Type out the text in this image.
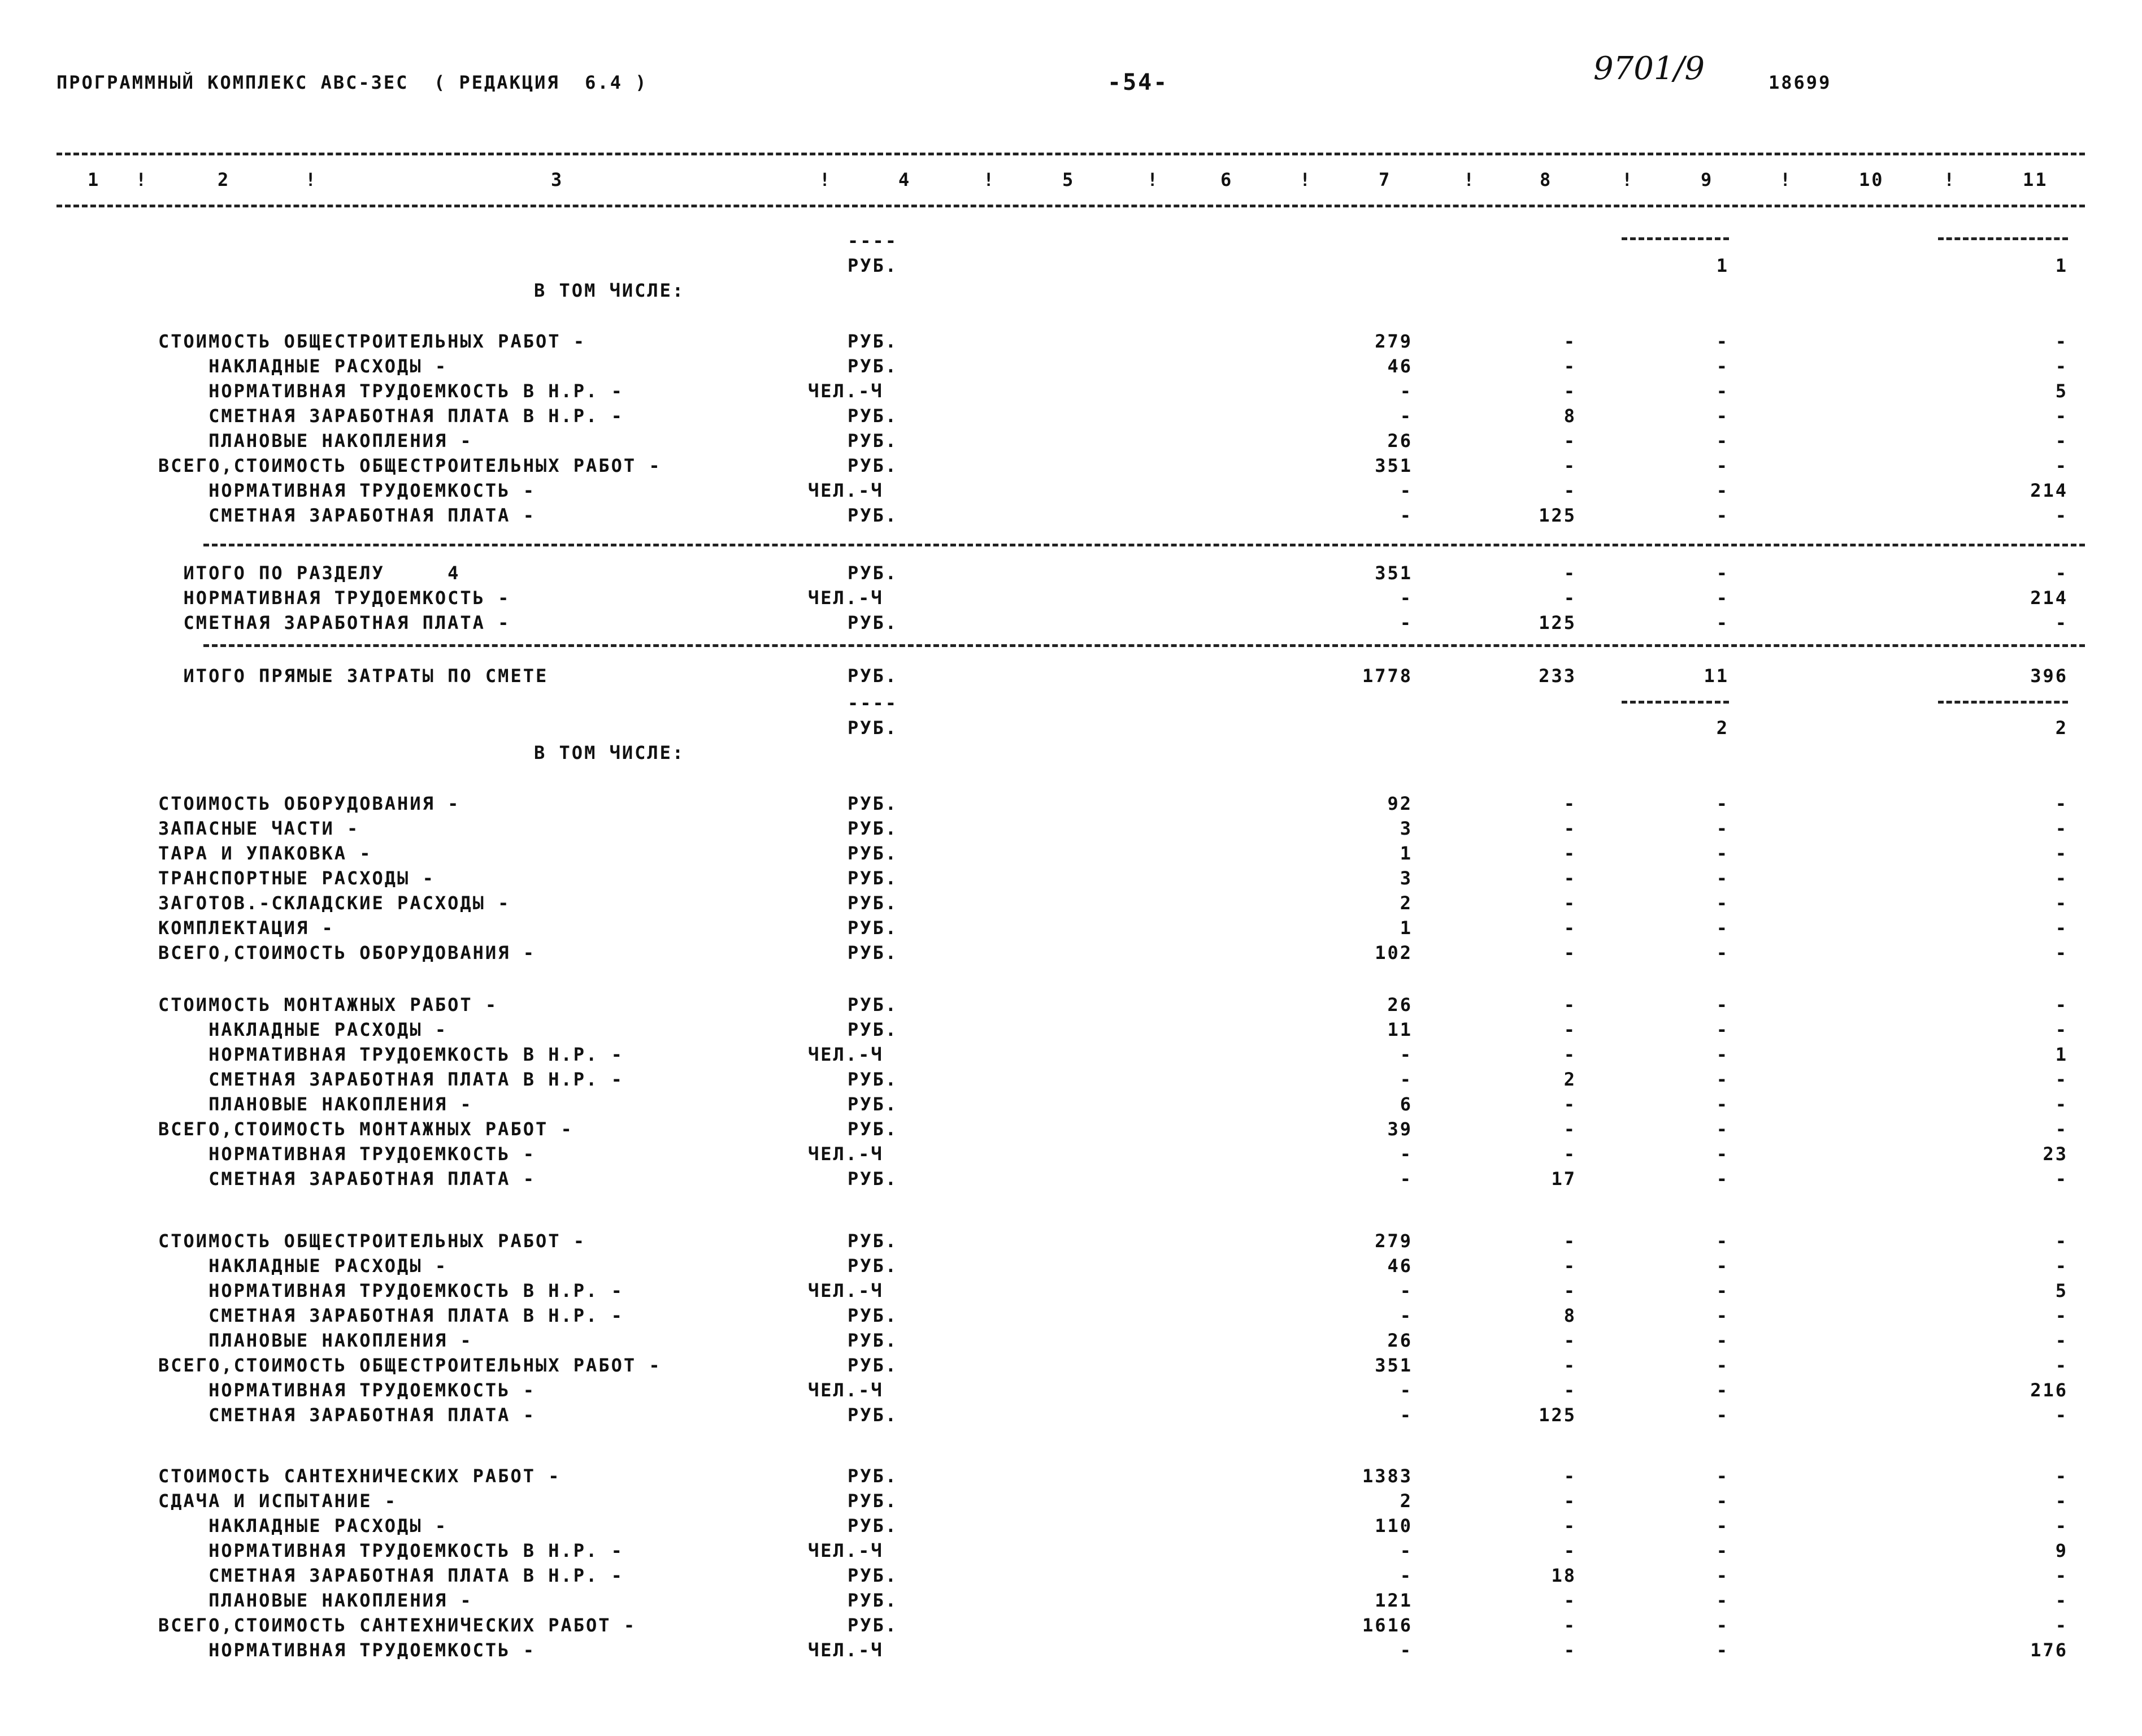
ПРОГРАММНЫЙ КОМПЛЕКС АВС-ЗЕС  ( РЕДАКЦИЯ  6.4 )	-54-	9701/9	18699
1	2	3	4	5	6	7	8	9	10	11
!	!	!	!	!	!	!	!	!	!
----
РУБ.	1	1
В ТОМ ЧИСЛЕ:
СТОИМОСТЬ ОБЩЕСТРОИТЕЛЬНЫХ РАБОТ -	РУБ.	279	-	-	-
НАКЛАДНЫЕ РАСХОДЫ -	РУБ.	46	-	-	-
НОРМАТИВНАЯ ТРУДОЕМКОСТЬ В Н.Р. -	ЧЕЛ.-Ч	-	-	-	5
СМЕТНАЯ ЗАРАБОТНАЯ ПЛАТА В Н.Р. -	РУБ.	-	8	-	-
ПЛАНОВЫЕ НАКОПЛЕНИЯ -	РУБ.	26	-	-	-
ВСЕГО,СТОИМОСТЬ ОБЩЕСТРОИТЕЛЬНЫХ РАБОТ -	РУБ.	351	-	-	-
НОРМАТИВНАЯ ТРУДОЕМКОСТЬ -	ЧЕЛ.-Ч	-	-	-	214
СМЕТНАЯ ЗАРАБОТНАЯ ПЛАТА -	РУБ.	-	125	-	-
ИТОГО ПО РАЗДЕЛУ     4	РУБ.	351	-	-	-
НОРМАТИВНАЯ ТРУДОЕМКОСТЬ -	ЧЕЛ.-Ч	-	-	-	214
СМЕТНАЯ ЗАРАБОТНАЯ ПЛАТА -	РУБ.	-	125	-	-
ИТОГО ПРЯМЫЕ ЗАТРАТЫ ПО СМЕТЕ	РУБ.	1778	233	11	396
----
РУБ.	2	2
В ТОМ ЧИСЛЕ:
СТОИМОСТЬ ОБОРУДОВАНИЯ -	РУБ.	92	-	-	-
ЗАПАСНЫЕ ЧАСТИ -	РУБ.	3	-	-	-
ТАРА И УПАКОВКА -	РУБ.	1	-	-	-
ТРАНСПОРТНЫЕ РАСХОДЫ -	РУБ.	3	-	-	-
ЗАГОТОВ.-СКЛАДСКИЕ РАСХОДЫ -	РУБ.	2	-	-	-
КОМПЛЕКТАЦИЯ -	РУБ.	1	-	-	-
ВСЕГО,СТОИМОСТЬ ОБОРУДОВАНИЯ -	РУБ.	102	-	-	-
СТОИМОСТЬ МОНТАЖНЫХ РАБОТ -	РУБ.	26	-	-	-
НАКЛАДНЫЕ РАСХОДЫ -	РУБ.	11	-	-	-
НОРМАТИВНАЯ ТРУДОЕМКОСТЬ В Н.Р. -	ЧЕЛ.-Ч	-	-	-	1
СМЕТНАЯ ЗАРАБОТНАЯ ПЛАТА В Н.Р. -	РУБ.	-	2	-	-
ПЛАНОВЫЕ НАКОПЛЕНИЯ -	РУБ.	6	-	-	-
ВСЕГО,СТОИМОСТЬ МОНТАЖНЫХ РАБОТ -	РУБ.	39	-	-	-
НОРМАТИВНАЯ ТРУДОЕМКОСТЬ -	ЧЕЛ.-Ч	-	-	-	23
СМЕТНАЯ ЗАРАБОТНАЯ ПЛАТА -	РУБ.	-	17	-	-
СТОИМОСТЬ ОБЩЕСТРОИТЕЛЬНЫХ РАБОТ -	РУБ.	279	-	-	-
НАКЛАДНЫЕ РАСХОДЫ -	РУБ.	46	-	-	-
НОРМАТИВНАЯ ТРУДОЕМКОСТЬ В Н.Р. -	ЧЕЛ.-Ч	-	-	-	5
СМЕТНАЯ ЗАРАБОТНАЯ ПЛАТА В Н.Р. -	РУБ.	-	8	-	-
ПЛАНОВЫЕ НАКОПЛЕНИЯ -	РУБ.	26	-	-	-
ВСЕГО,СТОИМОСТЬ ОБЩЕСТРОИТЕЛЬНЫХ РАБОТ -	РУБ.	351	-	-	-
НОРМАТИВНАЯ ТРУДОЕМКОСТЬ -	ЧЕЛ.-Ч	-	-	-	216
СМЕТНАЯ ЗАРАБОТНАЯ ПЛАТА -	РУБ.	-	125	-	-
СТОИМОСТЬ САНТЕХНИЧЕСКИХ РАБОТ -	РУБ.	1383	-	-	-
СДАЧА И ИСПЫТАНИЕ -	РУБ.	2	-	-	-
НАКЛАДНЫЕ РАСХОДЫ -	РУБ.	110	-	-	-
НОРМАТИВНАЯ ТРУДОЕМКОСТЬ В Н.Р. -	ЧЕЛ.-Ч	-	-	-	9
СМЕТНАЯ ЗАРАБОТНАЯ ПЛАТА В Н.Р. -	РУБ.	-	18	-	-
ПЛАНОВЫЕ НАКОПЛЕНИЯ -	РУБ.	121	-	-	-
ВСЕГО,СТОИМОСТЬ САНТЕХНИЧЕСКИХ РАБОТ -	РУБ.	1616	-	-	-
НОРМАТИВНАЯ ТРУДОЕМКОСТЬ -	ЧЕЛ.-Ч	-	-	-	176
